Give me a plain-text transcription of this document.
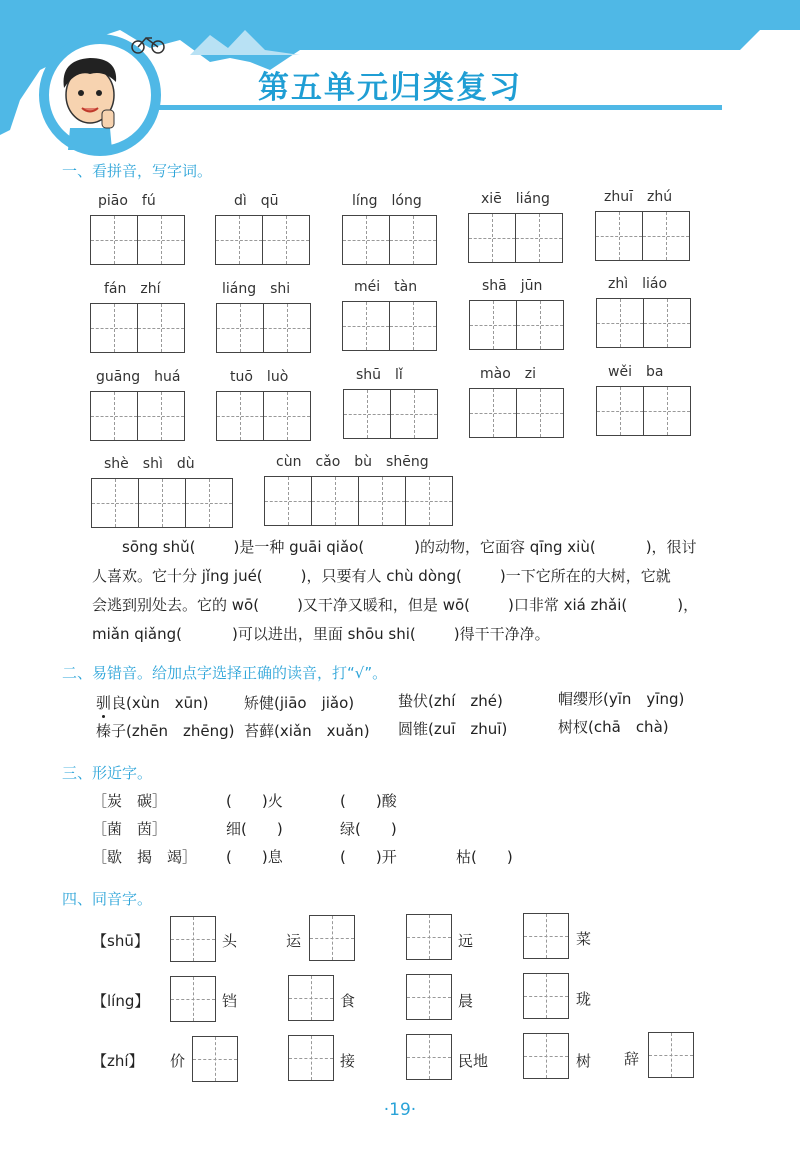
第五单元归类复习
一、看拼音，写字词。
piāo　fú	dì　qū	líng　lóng	xiē　liáng	zhuī　zhú
fán　zhí	liáng　shi	méi　tàn	shā　jūn	zhì　liáo
guāng　huá	tuō　luò	shū　lǐ	mào　zi	wěi　ba
shè　shì　dù	cùn　cǎo　bù　shēng
sōng shǔ(	)是一种 guāi qiǎo(	)的动物，它面容 qīng xiù(	)，很讨
人喜欢。它十分 jǐng jué(	)，只要有人 chù dòng(	)一下它所在的大树，它就
会逃到别处去。它的 wō(	)又干净又暖和，但是 wō(	)口非常 xiá zhǎi(	)，
miǎn qiǎng(	)可以进出，里面 shōu shi(	)得干干净净。
二、易错音。给加点字选择正确的读音，打“√”。
驯良(xùn　xūn) 矫健(jiāo　jiǎo)	蛰伏(zhí　zhé)	帽缨形(yīn　yīng)
榛子(zhēn　zhēng) 苔藓(xiǎn　xuǎn) 圆锥(zuī　zhuī)	树杈(chā　chà)
三、形近字。
［炭　碳］	(　　)火	(　　)酸
［菌　茵］	细(　　)	绿(　　)
［歇　揭　竭］ (　　)息	(　　)开	枯(　　)
四、同音字。
【shū】	头	运	远	菜
【líng】	铛	食	晨	珑
【zhí】 价	接	民地	树 辞
·19·
